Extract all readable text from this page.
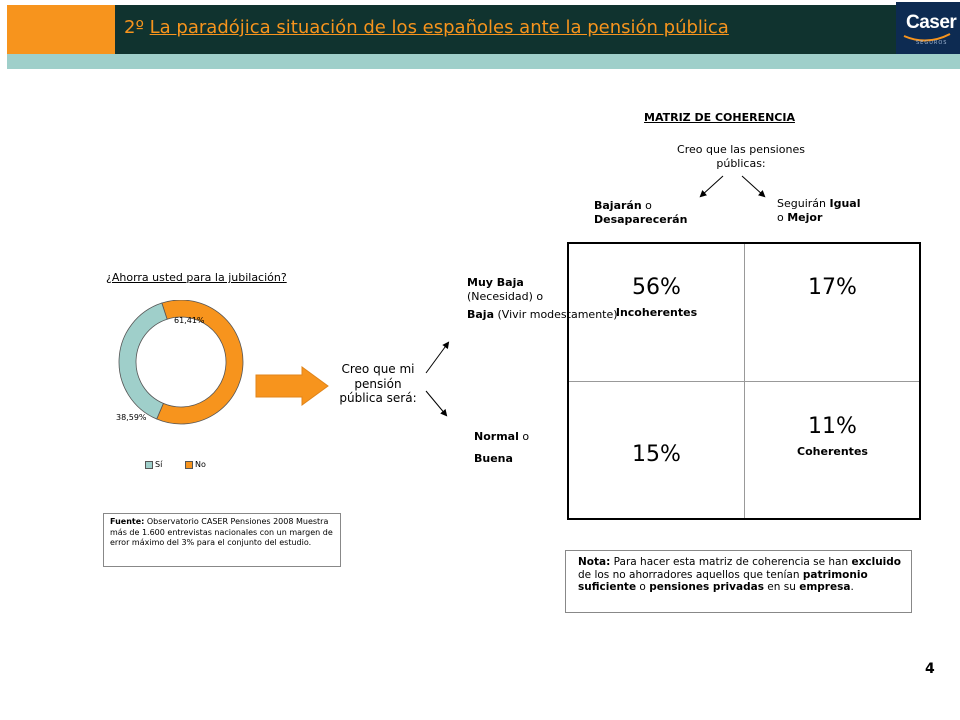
2º La paradójica situación de los españoles ante la pensión pública	Caser
SEGUROS
¿Ahorra usted para la jubilación?
61,41%
38,59%
Sí	No
Fuente: Observatorio CASER Pensiones 2008 Muestra más de 1.600 entrevistas nacionales con un margen de error máximo del 3% para el conjunto del estudio.
Creo que mi pensión pública será:
Muy Baja
(Necesidad) o

Baja (Vivir modestamente)
Normal o
Buena
MATRIZ DE COHERENCIA
Creo que las pensiones públicas:
Bajarán o
Desaparecerán
Seguirán Igual
o Mejor
56%
Incoherentes
17%
15%
11%
Coherentes
Nota: Para hacer esta matriz de coherencia se han excluido de los no ahorradores aquellos que tenían patrimonio suficiente o pensiones privadas en su empresa.
4
